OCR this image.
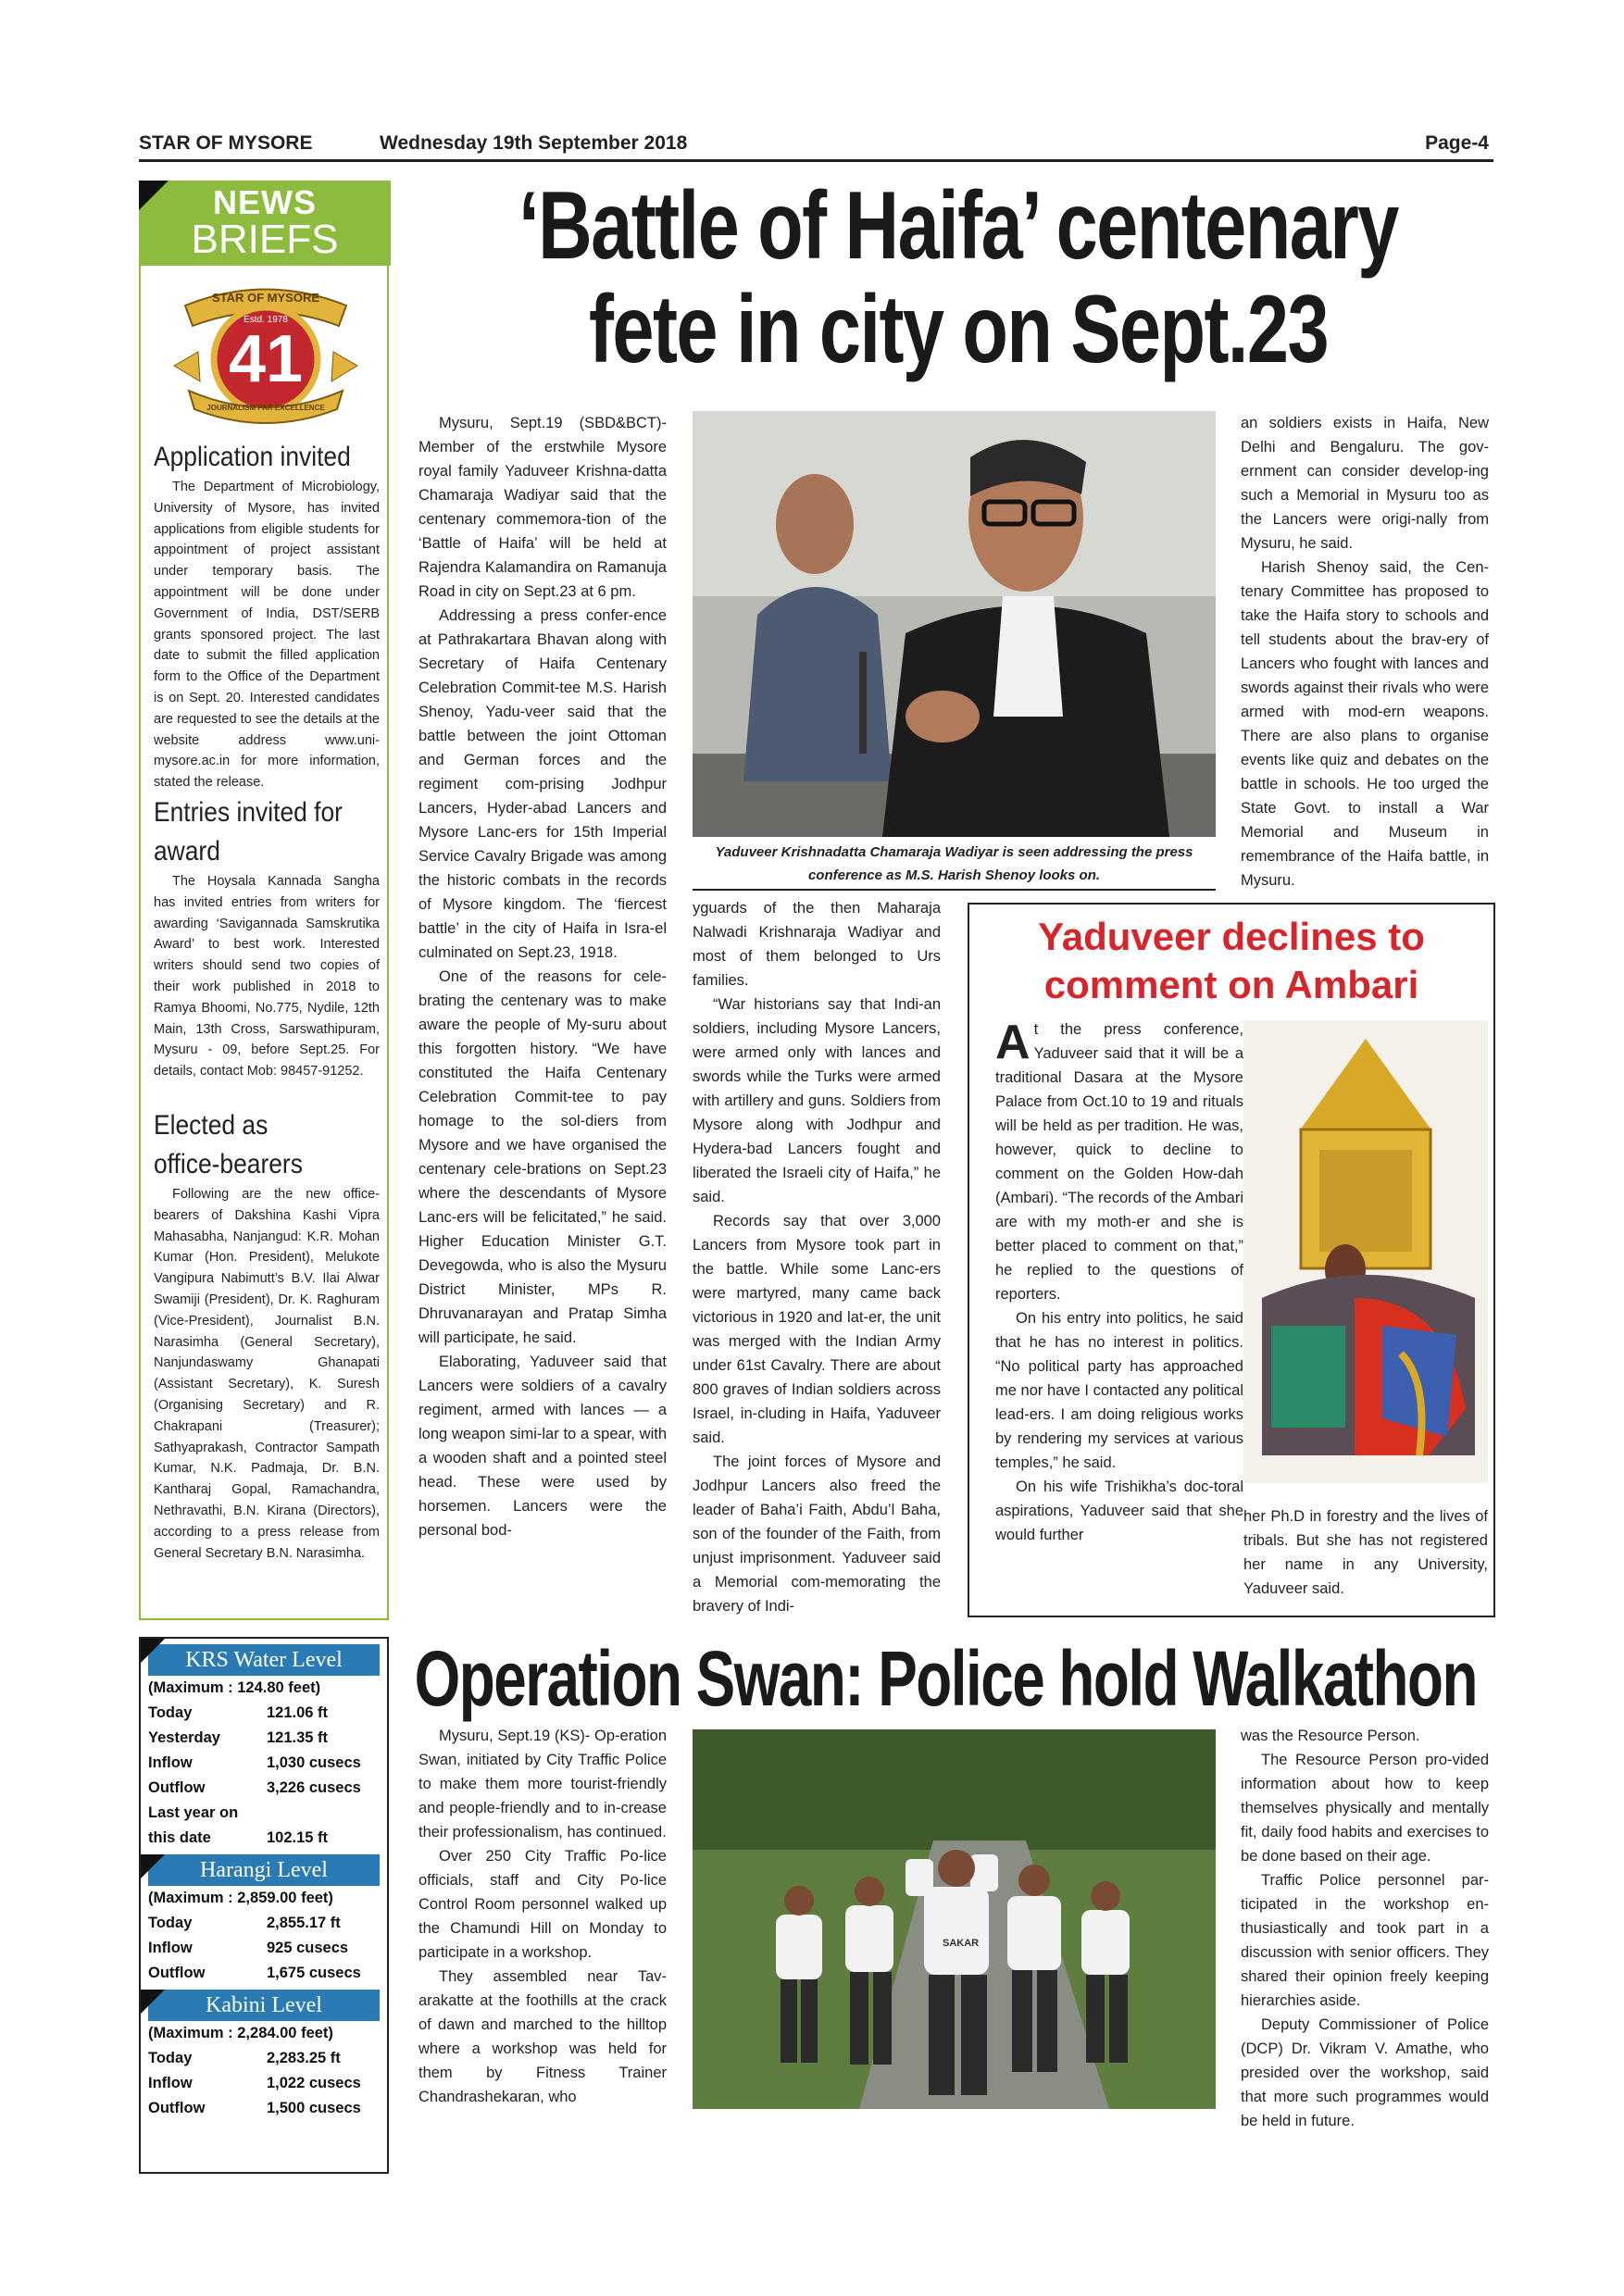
STAR OF MYSORE	Wednesday 19th September 2018	Page-4
NEWS
BRIEFS
STAR OF MYSORE
Estd. 1978
41
JOURNALISM PAR EXCELLENCE
Application invited

The Department of Microbiology, University of Mysore, has invited applications from eligible students for appointment of project assistant under temporary basis. The appointment will be done under Government of India, DST/SERB grants sponsored project. The last date to submit the filled application form to the Office of the Department is on Sept. 20. Interested candidates are requested to see the details at the website address www.uni-mysore.ac.in for more information, stated the release.

Entries invited for award

The Hoysala Kannada Sangha has invited entries from writers for awarding ‘Savigannada Samskrutika Award’ to best work. Interested writers should send two copies of their work published in 2018 to Ramya Bhoomi, No.775, Nydile, 12th Main, 13th Cross, Sarswathipuram, Mysuru - 09, before Sept.25. For details, contact Mob: 98457-91252.

Elected as office-bearers

Following are the new office-bearers of Dakshina Kashi Vipra Mahasabha, Nanjangud: K.R. Mohan Kumar (Hon. President), Melukote Vangipura Nabimutt’s B.V. Ilai Alwar Swamiji (President), Dr. K. Raghuram (Vice-President), Journalist B.N. Narasimha (General Secretary), Nanjundaswamy Ghanapati (Assistant Secretary), K. Suresh (Organising Secretary) and R. Chakrapani (Treasurer); Sathyaprakash, Contractor Sampath Kumar, N.K. Padmaja, Dr. B.N. Kantharaj Gopal, Ramachandra, Nethravathi, B.N. Kirana (Directors), according to a press release from General Secretary B.N. Narasimha.

‘Battle of Haifa’ centenary
fete in city on Sept.23

Mysuru, Sept.19 (SBD&BCT)- Member of the erstwhile Mysore royal family Yaduveer Krishna-datta Chamaraja Wadiyar said that the centenary commemora-tion of the ‘Battle of Haifa’ will be held at Rajendra Kalamandira on Ramanuja Road in city on Sept.23 at 6 pm.

Addressing a press confer-ence at Pathrakartara Bhavan along with Secretary of Haifa Centenary Celebration Commit-tee M.S. Harish Shenoy, Yadu-veer said that the battle between the joint Ottoman and German forces and the regiment com-prising Jodhpur Lancers, Hyder-abad Lancers and Mysore Lanc-ers for 15th Imperial Service Cavalry Brigade was among the historic combats in the records of Mysore kingdom. The ‘fiercest battle’ in the city of Haifa in Isra-el culminated on Sept.23, 1918.

One of the reasons for cele-brating the centenary was to make aware the people of My-suru about this forgotten history. “We have constituted the Haifa Centenary Celebration Commit-tee to pay homage to the sol-diers from Mysore and we have organised the centenary cele-brations on Sept.23 where the descendants of Mysore Lanc-ers will be felicitated,” he said. Higher Education Minister G.T. Devegowda, who is also the Mysuru District Minister, MPs R. Dhruvanarayan and Pratap Simha will participate, he said.

Elaborating, Yaduveer said that Lancers were soldiers of a cavalry regiment, armed with lances — a long weapon simi-lar to a spear, with a wooden shaft and a pointed steel head. These were used by horsemen. Lancers were the personal bod-

Yaduveer Krishnadatta Chamaraja Wadiyar is seen addressing the press conference as M.S. Harish Shenoy looks on.

yguards of the then Maharaja Nalwadi Krishnaraja Wadiyar and most of them belonged to Urs families.

“War historians say that Indi-an soldiers, including Mysore Lancers, were armed only with lances and swords while the Turks were armed with artillery and guns. Soldiers from Mysore along with Jodhpur and Hydera-bad Lancers fought and liberated the Israeli city of Haifa,” he said.

Records say that over 3,000 Lancers from Mysore took part in the battle. While some Lanc-ers were martyred, many came back victorious in 1920 and lat-er, the unit was merged with the Indian Army under 61st Cavalry. There are about 800 graves of Indian soldiers across Israel, in-cluding in Haifa, Yaduveer said.

The joint forces of Mysore and Jodhpur Lancers also freed the leader of Baha’i Faith, Abdu’l Baha, son of the founder of the Faith, from unjust imprisonment. Yaduveer said a Memorial com-memorating the bravery of Indi-

an soldiers exists in Haifa, New Delhi and Bengaluru. The gov-ernment can consider develop-ing such a Memorial in Mysuru too as the Lancers were origi-nally from Mysuru, he said.

Harish Shenoy said, the Cen-tenary Committee has proposed to take the Haifa story to schools and tell students about the brav-ery of Lancers who fought with lances and swords against their rivals who were armed with mod-ern weapons. There are also plans to organise events like quiz and debates on the battle in schools. He too urged the State Govt. to install a War Memorial and Museum in remembrance of the Haifa battle, in Mysuru.

Yaduveer declines to
comment on Ambari

At the press conference, Yaduveer said that it will be a traditional Dasara at the Mysore Palace from Oct.10 to 19 and rituals will be held as per tradition. He was, however, quick to decline to comment on the Golden How-dah (Ambari). “The records of the Ambari are with my moth-er and she is better placed to comment on that,” he replied to the questions of reporters.

On his entry into politics, he said that he has no interest in politics. “No political party has approached me nor have I contacted any political lead-ers. I am doing religious works by rendering my services at various temples,” he said.

On his wife Trishikha’s doc-toral aspirations, Yaduveer said that she would further

her Ph.D in forestry and the lives of tribals. But she has not registered her name in any University, Yaduveer said.

KRS Water Level
(Maximum : 124.80 feet)
Today	121.06 ft
Yesterday	121.35 ft
Inflow	1,030 cusecs
Outflow	3,226 cusecs
Last year on
this date	102.15 ft
Harangi Level
(Maximum : 2,859.00 feet)
Today	2,855.17 ft
Inflow	925 cusecs
Outflow	1,675 cusecs
Kabini Level
(Maximum : 2,284.00 feet)
Today	2,283.25 ft
Inflow	1,022 cusecs
Outflow	1,500 cusecs
Operation Swan: Police hold Walkathon

Mysuru, Sept.19 (KS)- Op-eration Swan, initiated by City Traffic Police to make them more tourist-friendly and people-friendly and to in-crease their professionalism, has continued.

Over 250 City Traffic Po-lice officials, staff and City Po-lice Control Room personnel walked up the Chamundi Hill on Monday to participate in a workshop.

They assembled near Tav-arakatte at the foothills at the crack of dawn and marched to the hilltop where a workshop was held for them by Fitness Trainer Chandrashekaran, who

SAKAR

was the Resource Person.

The Resource Person pro-vided information about how to keep themselves physically and mentally fit, daily food habits and exercises to be done based on their age.

Traffic Police personnel par-ticipated in the workshop en-thusiastically and took part in a discussion with senior officers. They shared their opinion freely keeping hierarchies aside.

Deputy Commissioner of Police (DCP) Dr. Vikram V. Amathe, who presided over the workshop, said that more such programmes would be held in future.
